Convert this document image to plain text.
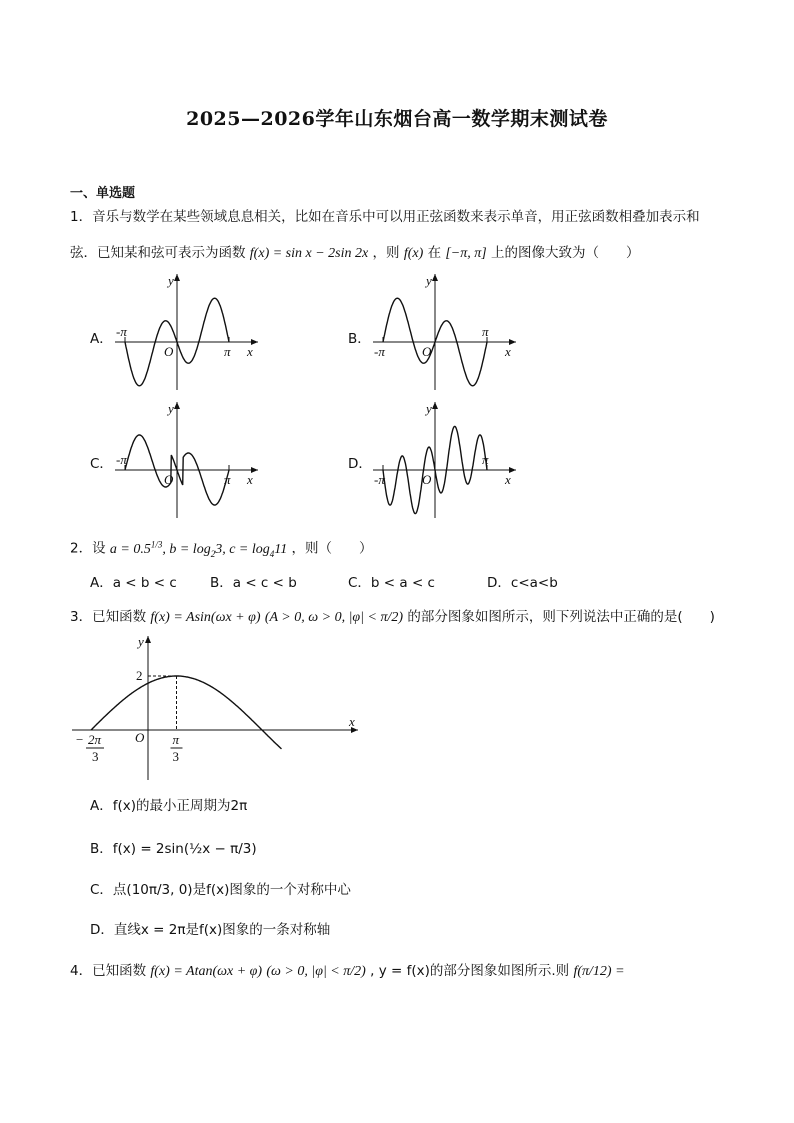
2025—2026学年山东烟台高一数学期末测试卷
一、单选题
1．音乐与数学在某些领域息息相关，比如在音乐中可以用正弦函数来表示单音，用正弦函数相叠加表示和
弦．已知某和弦可表示为函数 f(x) = sin x − 2sin 2x ，则 f(x) 在 [−π, π] 上的图像大致为（　　）
A．	B．
C．	D．
y
x
O
-π
π
y
x
O
-π
π
y
x
O
-π
π
y
x
O
-π
π
2．设 $a = 0.5^{1/3}$, $b = \log_23$, $c = \log_411$ ，则（　　）
A．a < b < c B．a < c < b	C．b < a < c	D．c<a<b
3．已知函数 f(x) = Asin(ωx + φ) (A > 0, ω > 0, |φ| < π/2) 的部分图象如图所示，则下列说法中正确的是(　　)
2
O
x
y
− 2π
3
π
3
A．f(x)的最小正周期为2π
B．f(x) = 2sin(½x − π/3)
C．点(10π/3, 0)是f(x)图象的一个对称中心
D．直线x = 2π是f(x)图象的一条对称轴
4．已知函数 f(x) = Atan(ωx + φ) (ω > 0, |φ| < π/2) , y = f(x)的部分图象如图所示.则 f(π/12) =
